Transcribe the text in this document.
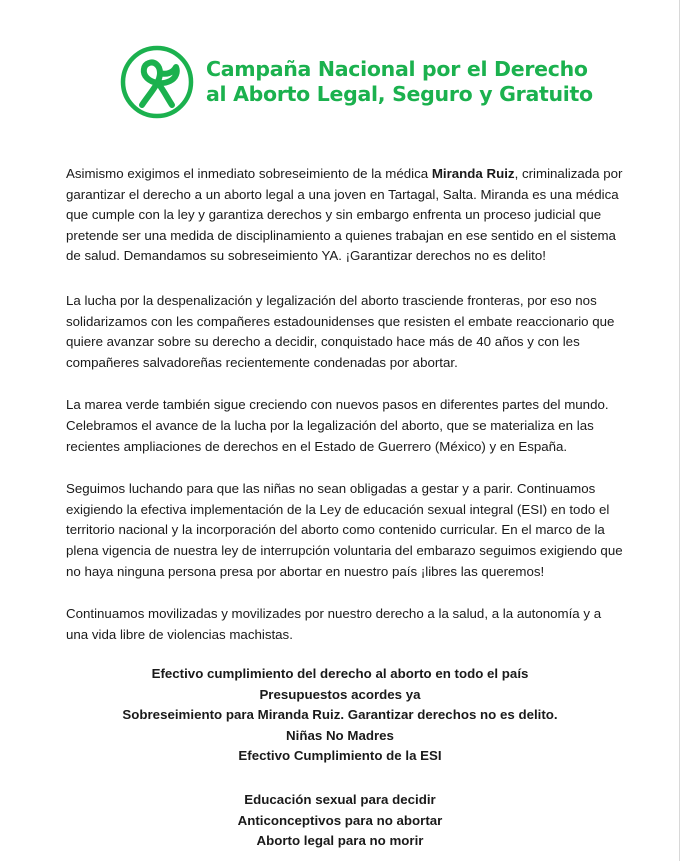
Campaña Nacional por el Derecho
al Aborto Legal, Seguro y Gratuito

Asimismo exigimos el inmediato sobreseimiento de la médica Miranda Ruiz, criminalizada por garantizar el derecho a un aborto legal a una joven en Tartagal, Salta. Miranda es una médica que cumple con la ley y garantiza derechos y sin embargo enfrenta un proceso judicial que pretende ser una medida de disciplinamiento a quienes trabajan en ese sentido en el sistema de salud. Demandamos su sobreseimiento YA. ¡Garantizar derechos no es delito!

La lucha por la despenalización y legalización del aborto trasciende fronteras, por eso nos solidarizamos con les compañeres estadounidenses que resisten el embate reaccionario que quiere avanzar sobre su derecho a decidir, conquistado hace más de 40 años y con les compañeres salvadoreñas recientemente condenadas por abortar.

La marea verde también sigue creciendo con nuevos pasos en diferentes partes del mundo. Celebramos el avance de la lucha por la legalización del aborto, que se materializa en las recientes ampliaciones de derechos en el Estado de Guerrero (México) y en España.

Seguimos luchando para que las niñas no sean obligadas a gestar y a parir. Continuamos exigiendo la efectiva implementación de la Ley de educación sexual integral (ESI) en todo el territorio nacional y la incorporación del aborto como contenido curricular. En el marco de la plena vigencia de nuestra ley de interrupción voluntaria del embarazo seguimos exigiendo que no haya ninguna persona presa por abortar en nuestro país ¡libres las queremos!

Continuamos movilizadas y movilizades por nuestro derecho a la salud, a la autonomía y a una vida libre de violencias machistas.

Efectivo cumplimiento del derecho al aborto en todo el país
Presupuestos acordes ya
Sobreseimiento para Miranda Ruiz. Garantizar derechos no es delito.
Niñas No Madres
Efectivo Cumplimiento de la ESI
Educación sexual para decidir
Anticonceptivos para no abortar
Aborto legal para no morir
